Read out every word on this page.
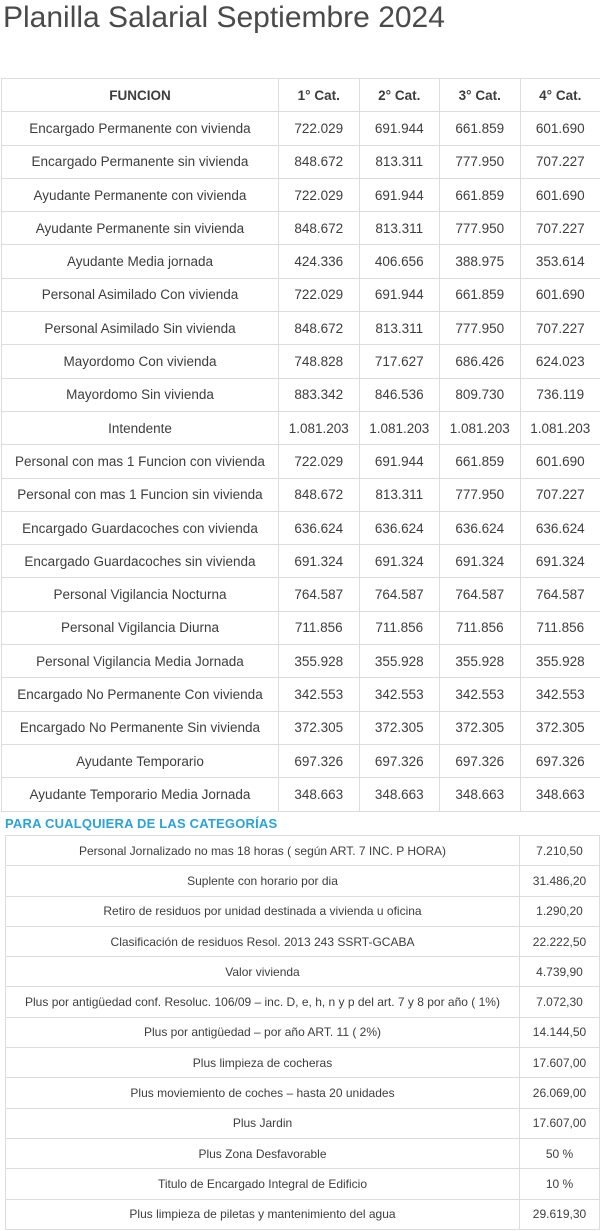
Planilla Salarial Septiembre 2024
FUNCION	1° Cat.	2° Cat.	3° Cat.	4° Cat.
Encargado Permanente con vivienda	722.029	691.944	661.859	601.690
Encargado Permanente sin vivienda	848.672	813.311	777.950	707.227
Ayudante Permanente con vivienda	722.029	691.944	661.859	601.690
Ayudante Permanente sin vivienda	848.672	813.311	777.950	707.227
Ayudante Media jornada	424.336	406.656	388.975	353.614
Personal Asimilado Con vivienda	722.029	691.944	661.859	601.690
Personal Asimilado Sin vivienda	848.672	813.311	777.950	707.227
Mayordomo Con vivienda	748.828	717.627	686.426	624.023
Mayordomo Sin vivienda	883.342	846.536	809.730	736.119
Intendente	1.081.203	1.081.203	1.081.203	1.081.203
Personal con mas 1 Funcion con vivienda	722.029	691.944	661.859	601.690
Personal con mas 1 Funcion sin vivienda	848.672	813.311	777.950	707.227
Encargado Guardacoches con vivienda	636.624	636.624	636.624	636.624
Encargado Guardacoches sin vivienda	691.324	691.324	691.324	691.324
Personal Vigilancia Nocturna	764.587	764.587	764.587	764.587
Personal Vigilancia Diurna	711.856	711.856	711.856	711.856
Personal Vigilancia Media Jornada	355.928	355.928	355.928	355.928
Encargado No Permanente Con vivienda	342.553	342.553	342.553	342.553
Encargado No Permanente Sin vivienda	372.305	372.305	372.305	372.305
Ayudante Temporario	697.326	697.326	697.326	697.326
Ayudante Temporario Media Jornada	348.663	348.663	348.663	348.663
PARA CUALQUIERA DE LAS CATEGORÍAS
Personal Jornalizado no mas 18 horas ( según ART. 7 INC. P HORA)	7.210,50
Suplente con horario por dia	31.486,20
Retiro de residuos por unidad destinada a vivienda u oficina	1.290,20
Clasificación de residuos Resol. 2013 243 SSRT-GCABA	22.222,50
Valor vivienda	4.739,90
Plus por antigüedad conf. Resoluc. 106/09 – inc. D, e, h, n y p del art. 7 y 8 por año ( 1%)	7.072,30
Plus por antigüedad – por año ART. 11 ( 2%)	14.144,50
Plus limpieza de cocheras	17.607,00
Plus moviemiento de coches – hasta 20 unidades	26.069,00
Plus Jardin	17.607,00
Plus Zona Desfavorable	50 %
Titulo de Encargado Integral de Edificio	10 %
Plus limpieza de piletas y mantenimiento del agua	29.619,30
